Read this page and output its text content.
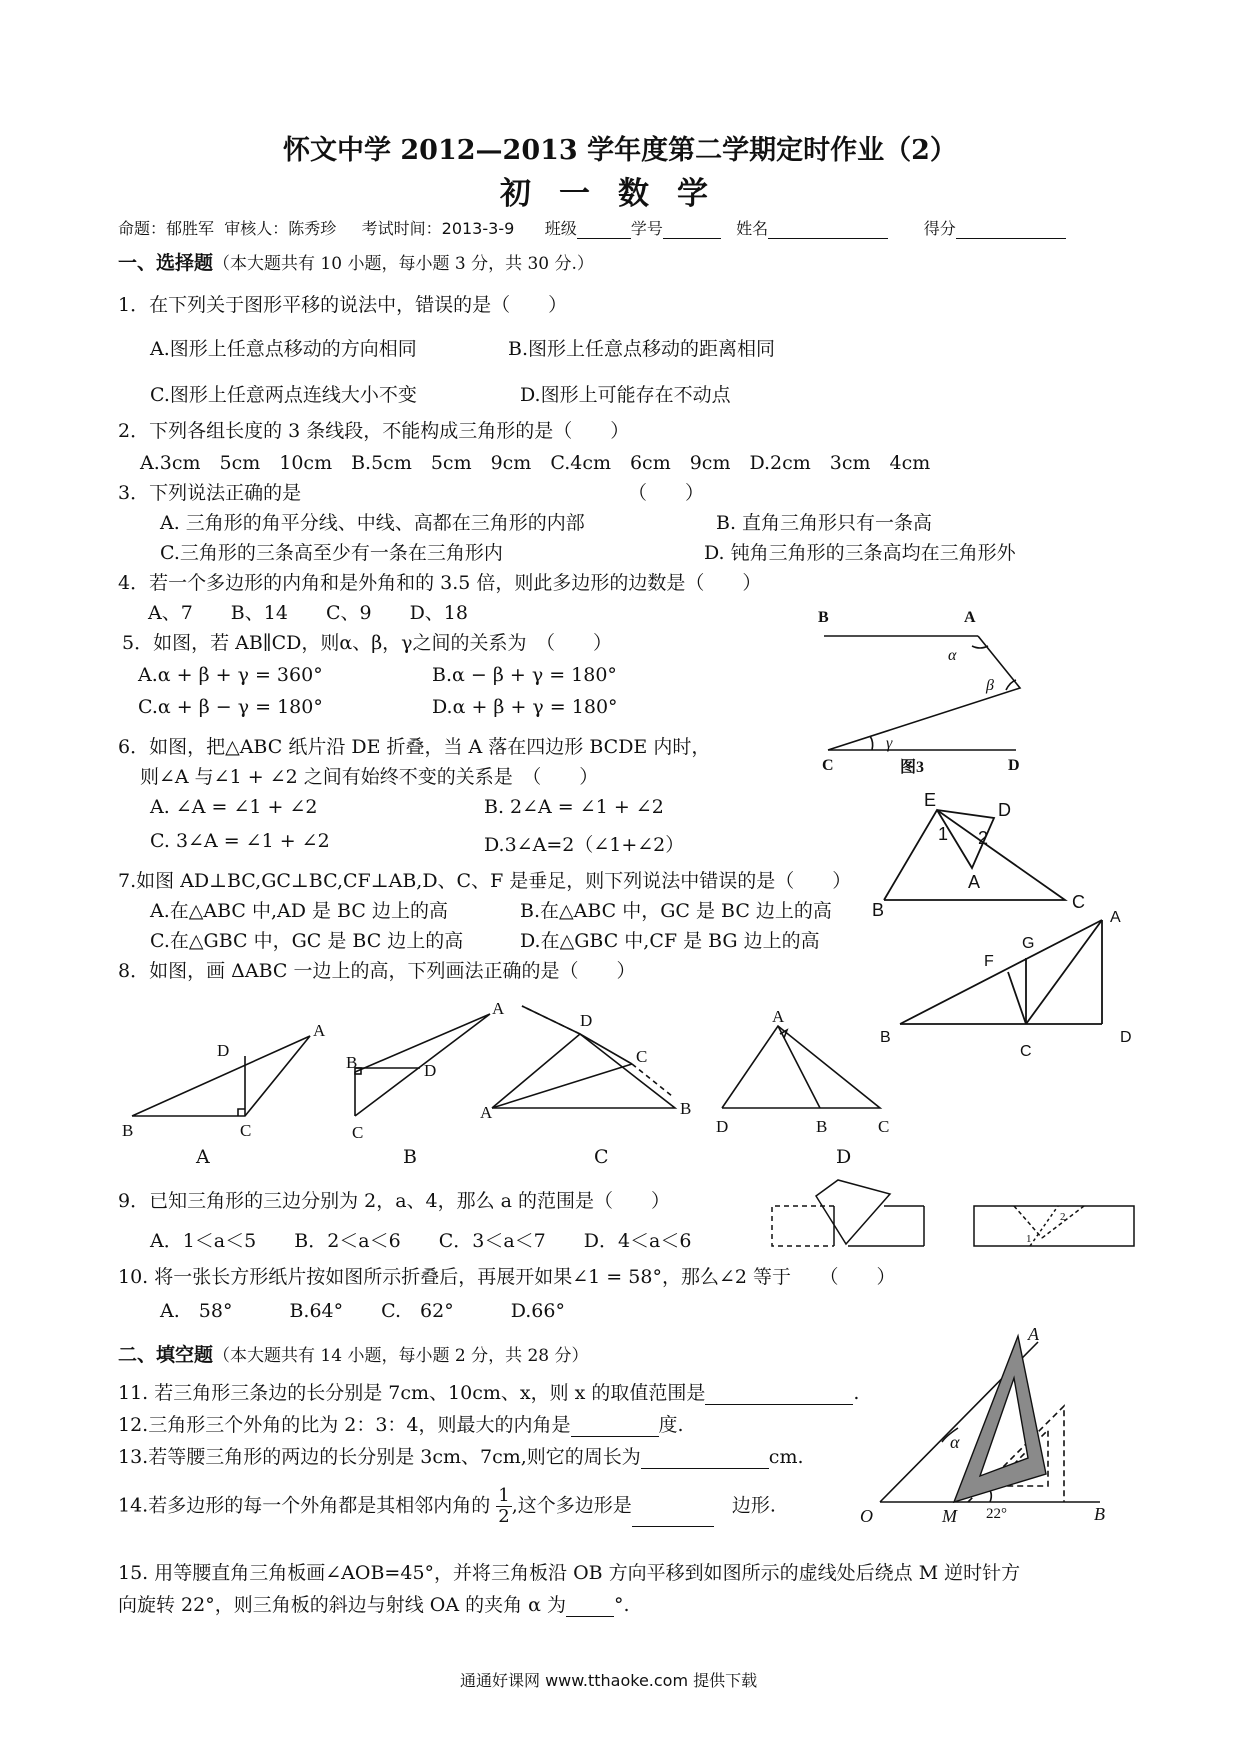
怀文中学 2012—2013 学年度第二学期定时作业（2）
初一数学
命题：郁胜军 审核人：陈秀珍 考试时间：2013-3-9 班级	学号	姓名	得分
一、选择题（本大题共有 10 小题，每小题 3 分，共 30 分.）
1．在下列关于图形平移的说法中，错误的是（　　）
A.图形上任意点移动的方向相同	B.图形上任意点移动的距离相同
C.图形上任意两点连线大小不变	D.图形上可能存在不动点
2．下列各组长度的 3 条线段，不能构成三角形的是（　　）
A.3cm　5cm　10cm　B.5cm　5cm　9cm　C.4cm　6cm　9cm　D.2cm　3cm　4cm
3．下列说法正确的是	（　　）
A. 三角形的角平分线、中线、高都在三角形的内部	B. 直角三角形只有一条高
C.三角形的三条高至少有一条在三角形内	D. 钝角三角形的三条高均在三角形外
4．若一个多边形的内角和是外角和的 3.5 倍，则此多边形的边数是（　　）
A、7　　B、14　　C、9　　D、18
5．如图，若 AB∥CD，则α、β，γ之间的关系为　（　　）
A.α + β + γ = 360°	B.α − β + γ = 180°
C.α + β − γ = 180°	D.α + β + γ = 180°
6．如图，把△ABC 纸片沿 DE 折叠，当 A 落在四边形 BCDE 内时，
则∠A 与∠1 + ∠2 之间有始终不变的关系是　（　　）
A. ∠A = ∠1 + ∠2	B. 2∠A = ∠1 + ∠2
C. 3∠A = ∠1 + ∠2	D.3∠A=2（∠1+∠2）
7.如图 AD⊥BC,GC⊥BC,CF⊥AB,D、C、F 是垂足，则下列说法中错误的是（　　）
A.在△ABC 中,AD 是 BC 边上的高	B.在△ABC 中，GC 是 BC 边上的高
C.在△GBC 中，GC 是 BC 边上的高	D.在△GBC 中,CF 是 BG 边上的高
8．如图，画 ΔABC 一边上的高，下列画法正确的是（　　）
B	C
A
D
B
C
A
D
A	B
C
D
D
A
B	C
A	B	C	D
9．已知三角形的三边分别为 2，a、4，那么 a 的范围是（　　）
A．1＜a＜5　　B．2＜a＜6　　C．3＜a＜7　　D．4＜a＜6
10. 将一张长方形纸片按如图所示折叠后，再展开如果∠1 = 58°，那么∠2 等于　　（　　）
A.　58°　　　B.64°　　C.　62°　　　D.66°
二、填空题（本大题共有 14 小题，每小题 2 分，共 28 分）
11. 若三角形三条边的长分别是 7cm、10cm、x，则 x 的取值范围是	.
12.三角形三个外角的比为 2：3：4，则最大的内角是	度.
13.若等腰三角形的两边的长分别是 3cm、7cm,则它的周长为	cm.
14.若多边形的每一个外角都是其相邻内角的 $\frac{1}{2}$ ,这个多边形是	边形.
15. 用等腰直角三角板画∠AOB=45°，并将三角板沿 OB 方向平移到如图所示的虚线处后绕点 M 逆时针方
向旋转 22°，则三角板的斜边与射线 OA 的夹角 α 为	°.
B	A
α
β
γ
C	图3	D
E	D
A
B	C
1 2
A
G
F
B
C
D
1
2
A
O	M	B
α
22°
通通好课网 www.tthaoke.com 提供下载
